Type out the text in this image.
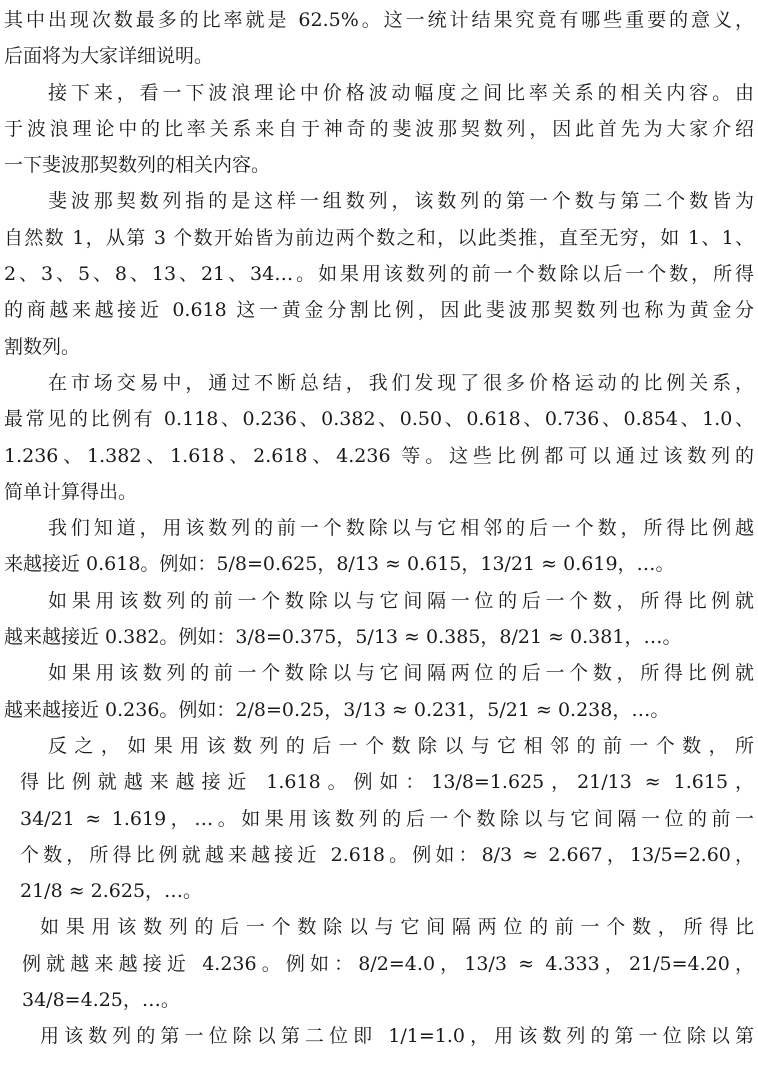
其中出现次数最多的比率就是 62.5%。这一统计结果究竟有哪些重要的意义，
后面将为大家详细说明。
接下来，看一下波浪理论中价格波动幅度之间比率关系的相关内容。由
于波浪理论中的比率关系来自于神奇的斐波那契数列，因此首先为大家介绍
一下斐波那契数列的相关内容。
斐波那契数列指的是这样一组数列，该数列的第一个数与第二个数皆为
自然数 1，从第 3 个数开始皆为前边两个数之和，以此类推，直至无穷，如 1、1、
2、3、5、8、13、21、34…。如果用该数列的前一个数除以后一个数，所得
的商越来越接近 0.618 这一黄金分割比例，因此斐波那契数列也称为黄金分
割数列。
在市场交易中，通过不断总结，我们发现了很多价格运动的比例关系，
最常见的比例有 0.118、0.236、0.382、0.50、0.618、0.736、0.854、1.0、
1.236、1.382、1.618、2.618、4.236 等。这些比例都可以通过该数列的
简单计算得出。
我们知道，用该数列的前一个数除以与它相邻的后一个数，所得比例越
来越接近 0.618。例如：5/8=0.625，8/13 ≈ 0.615，13/21 ≈ 0.619，…。
如果用该数列的前一个数除以与它间隔一位的后一个数，所得比例就
越来越接近 0.382。例如：3/8=0.375，5/13 ≈ 0.385，8/21 ≈ 0.381，…。
如果用该数列的前一个数除以与它间隔两位的后一个数，所得比例就
越来越接近 0.236。例如：2/8=0.25，3/13 ≈ 0.231，5/21 ≈ 0.238，…。
反之，如果用该数列的后一个数除以与它相邻的前一个数，所
得比例就越来越接近 1.618。例如：13/8=1.625，21/13 ≈ 1.615，
34/21 ≈ 1.619，…。如果用该数列的后一个数除以与它间隔一位的前一
个数，所得比例就越来越接近 2.618。例如：8/3 ≈ 2.667，13/5=2.60，
21/8 ≈ 2.625，…。
如果用该数列的后一个数除以与它间隔两位的前一个数，所得比
例就越来越接近 4.236。例如：8/2=4.0，13/3 ≈ 4.333，21/5=4.20，
34/8=4.25，…。
用该数列的第一位除以第二位即 1/1=1.0，用该数列的第一位除以第
